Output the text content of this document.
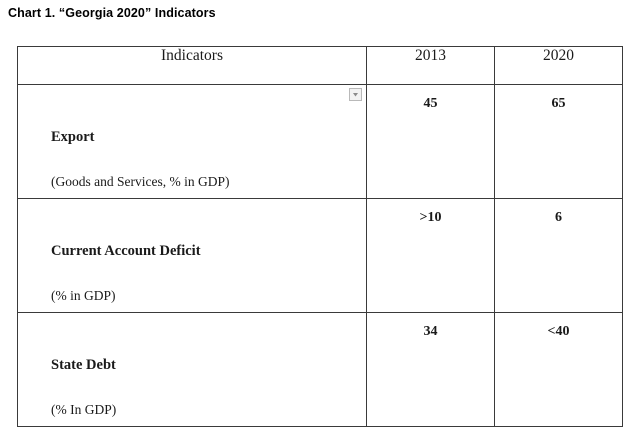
Chart 1. “Georgia 2020” Indicators
Indicators	2013	2020

Export
(Goods and Services, % in GDP)	45	65

Current Account Deficit
(% in GDP)	>10	6

State Debt
(% In GDP)	34	<40
